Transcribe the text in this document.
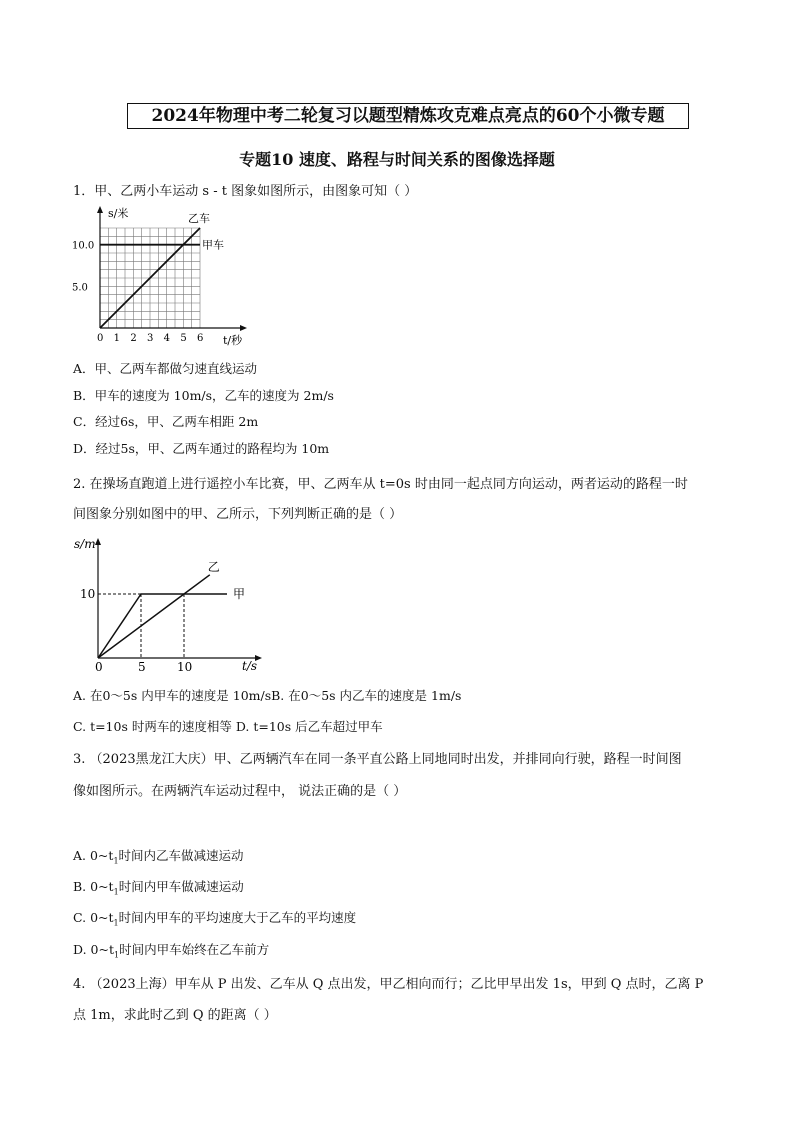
2024年物理中考二轮复习以题型精炼攻克难点亮点的60个小微专题
专题10 速度、路程与时间关系的图像选择题
1．甲、乙两小车运动 s - t 图象如图所示，由图象可知（ ）
s/米
t/秒
0 1 2 3 4 5 6
5.0
10.0	甲车
乙车
A．甲、乙两车都做匀速直线运动
B．甲车的速度为 10m/s，乙车的速度为 2m/s
C．经过6s，甲、乙两车相距 2m
D．经过5s，甲、乙两车通过的路程均为 10m
2. 在操场直跑道上进行遥控小车比赛，甲、乙两车从 t=0s 时由同一起点同方向运动，两者运动的路程一时
间图象分别如图中的甲、乙所示，下列判断正确的是（ ）
s/m
t/s
0	5	10
10	甲
乙
A. 在0～5s 内甲车的速度是 10m/sB. 在0～5s 内乙车的速度是 1m/s
C. t=10s 时两车的速度相等 D. t=10s 后乙车超过甲车
3. （2023黑龙江大庆）甲、乙两辆汽车在同一条平直公路上同地同时出发，并排同向行驶，路程一时间图
像如图所示。在两辆汽车运动过程中， 说法正确的是（ ）
A. $0\sim t_1$时间内乙车做减速运动
B. $0\sim t_1$时间内甲车做减速运动
C. $0\sim t_1$时间内甲车的平均速度大于乙车的平均速度
D. $0\sim t_1$时间内甲车始终在乙车前方
4. （2023上海）甲车从 P 出发、乙车从 Q 点出发，甲乙相向而行；乙比甲早出发 1s，甲到 Q 点时，乙离 P
点 1m，求此时乙到 Q 的距离（ ）
